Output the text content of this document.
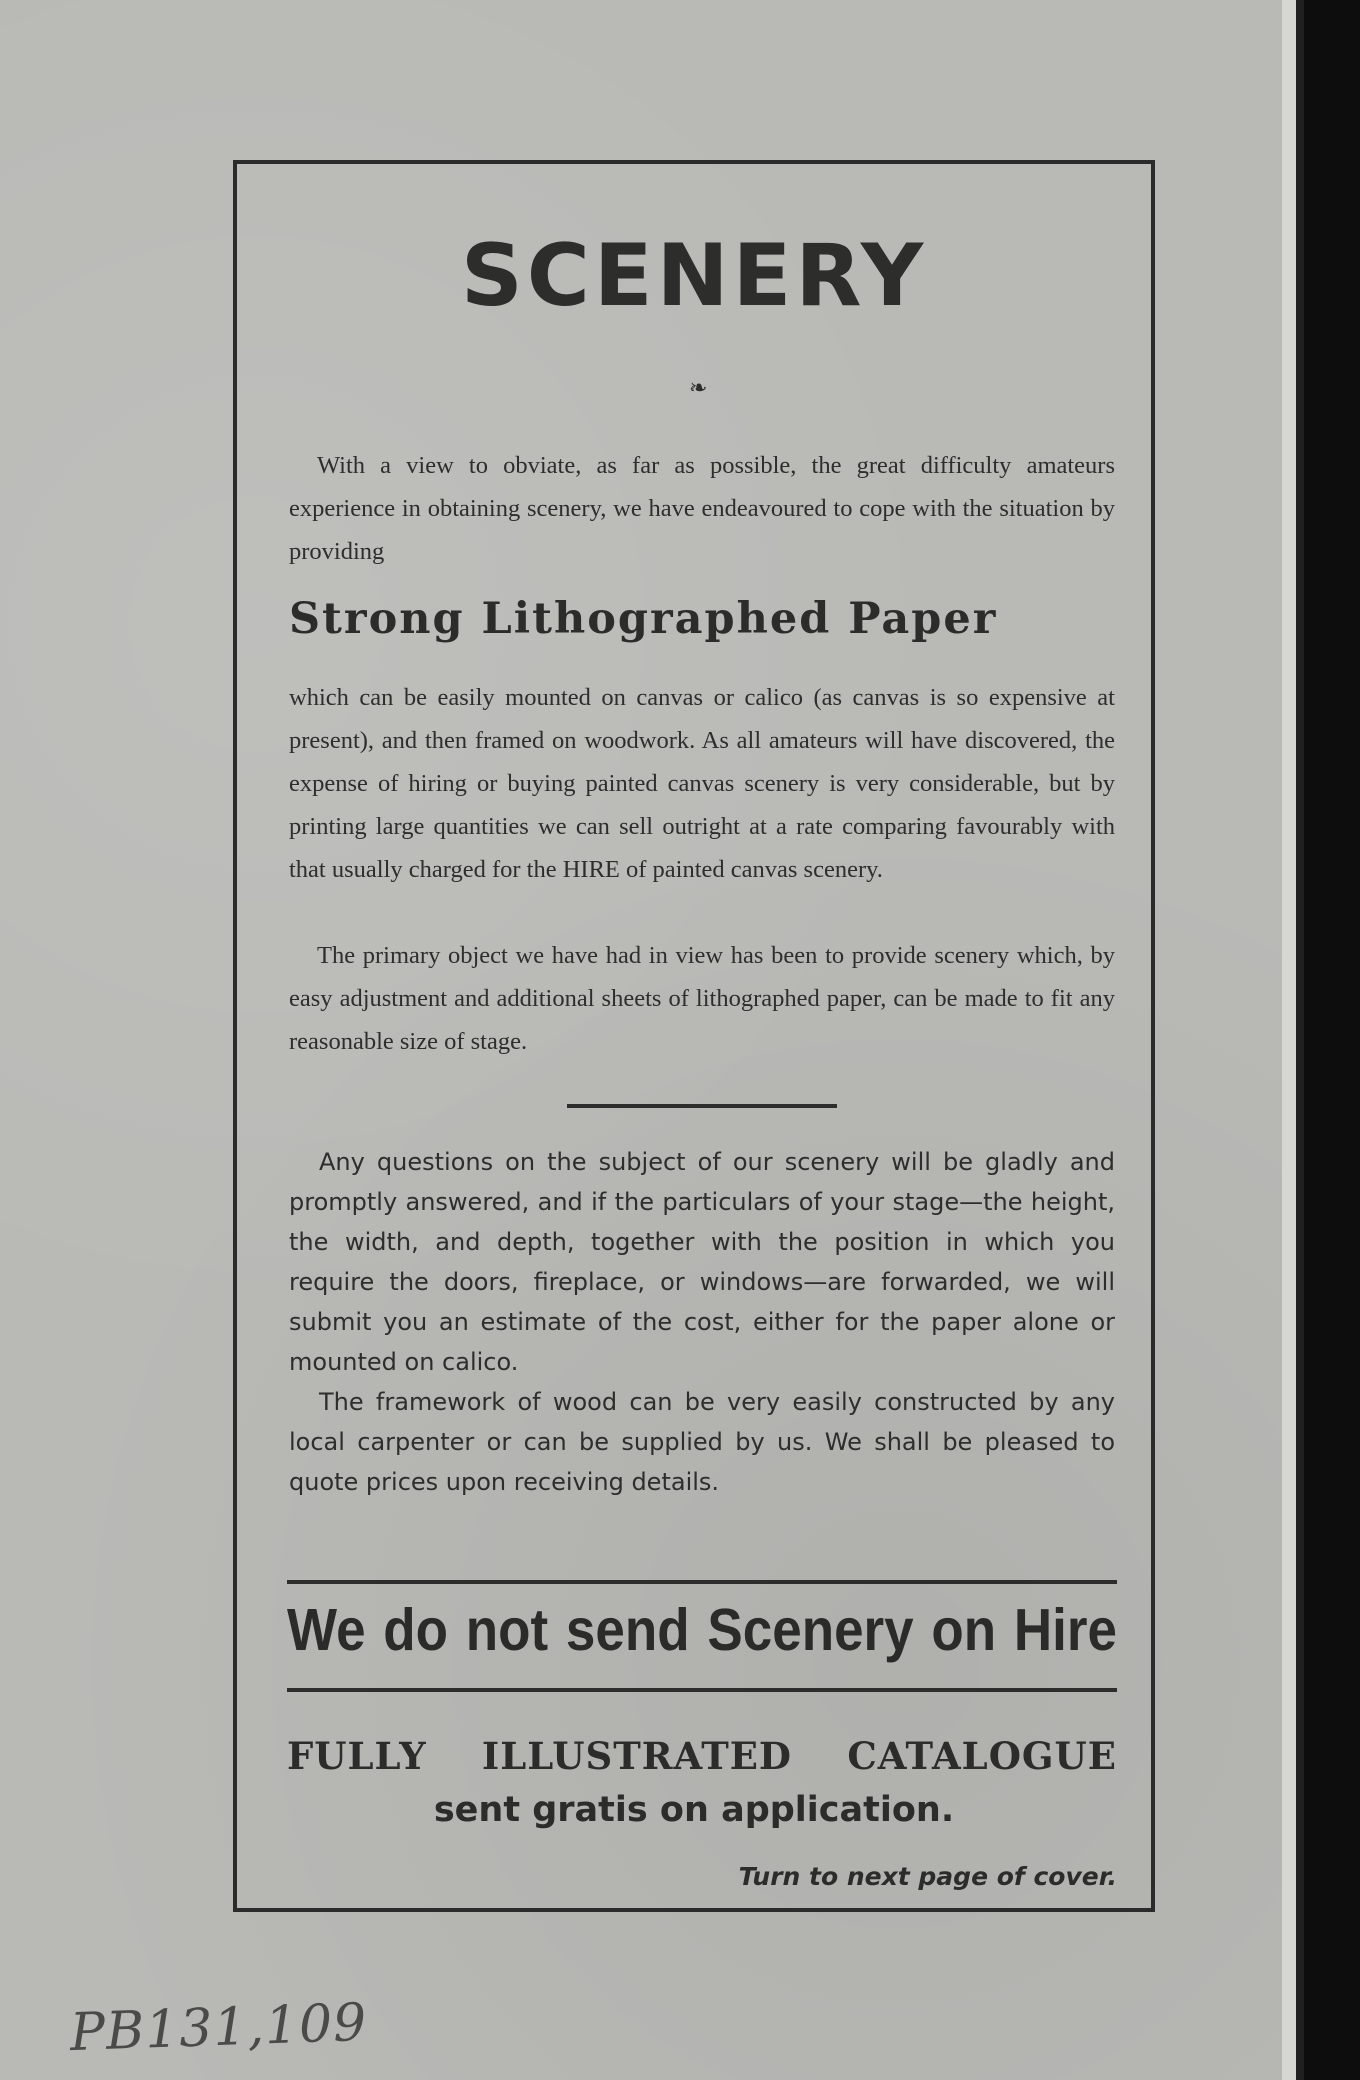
SCENERY
❧

With a view to obviate, as far as possible, the great difficulty amateurs experience in obtaining scenery, we have endeavoured to cope with the situation by providing

Strong Lithographed Paper

which can be easily mounted on canvas or calico (as canvas is so expensive at present), and then framed on woodwork. As all amateurs will have discovered, the expense of hiring or buying painted canvas scenery is very considerable, but by printing large quantities we can sell outright at a rate comparing favourably with that usually charged for the HIRE of painted canvas scenery.

The primary object we have had in view has been to provide scenery which, by easy adjustment and additional sheets of lithographed paper, can be made to fit any reasonable size of stage.

Any questions on the subject of our scenery will be gladly and promptly answered, and if the particulars of your stage—the height, the width, and depth, together with the position in which you require the doors, fireplace, or windows—are forwarded, we will submit you an estimate of the cost, either for the paper alone or mounted on calico.

The framework of wood can be very easily constructed by any local carpenter or can be supplied by us. We shall be pleased to quote prices upon receiving details.

We do not send Scenery on Hire

FULLY ILLUSTRATED CATALOGUE

sent gratis on application.

Turn to next page of cover.

PB131,109
